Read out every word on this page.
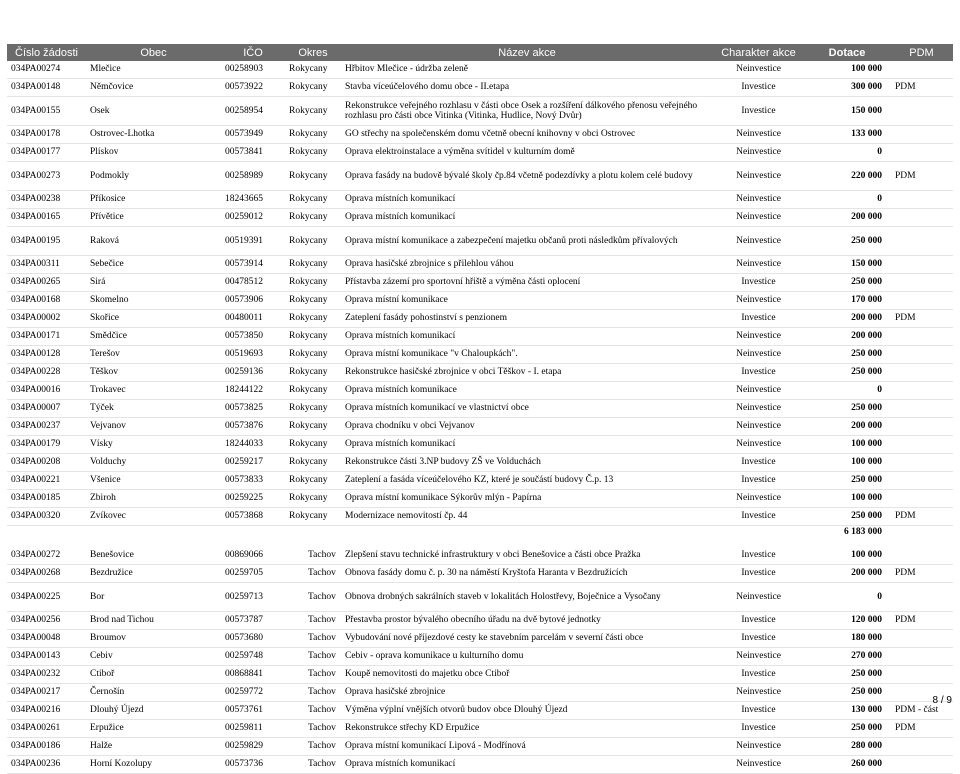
PSOV PK 2014 - PROJEKTY OBCÍ
Číslo žádosti	Obec	IČO	Okres	Název akce	Charakter akce	Dotace	PDM
034PA00274	Mlečice	00258903	Rokycany	Hřbitov Mlečice - údržba zeleně	Neinvestice	100 000	
034PA00148	Němčovice	00573922	Rokycany	Stavba víceúčelového domu obce - II.etapa	Investice	300 000	PDM
034PA00155	Osek	00258954	Rokycany	Rekonstrukce veřejného rozhlasu v části obce Osek a rozšíření dálkového přenosu veřejného rozhlasu pro části obce Vitinka (Vitinka, Hudlice, Nový Dvůr)	Investice	150 000	
034PA00178	Ostrovec-Lhotka	00573949	Rokycany	GO střechy na společenském domu včetně obecní knihovny v obci Ostrovec	Neinvestice	133 000	
034PA00177	Plískov	00573841	Rokycany	Oprava elektroinstalace a výměna svítidel v kulturním domě	Neinvestice	0	
034PA00273	Podmokly	00258989	Rokycany	Oprava fasády na budově bývalé školy čp.84 včetně podezdívky a plotu kolem celé budovy	Neinvestice	220 000	PDM
034PA00238	Příkosice	18243665	Rokycany	Oprava místních komunikací	Neinvestice	0	
034PA00165	Přívětice	00259012	Rokycany	Oprava místních komunikací	Neinvestice	200 000	
034PA00195	Raková	00519391	Rokycany	Oprava místní komunikace a zabezpečení majetku občanů proti následkům přívalových	Neinvestice	250 000	
034PA00311	Sebečice	00573914	Rokycany	Oprava hasičské zbrojnice s přilehlou váhou	Neinvestice	150 000	
034PA00265	Sirá	00478512	Rokycany	Přístavba zázemí pro sportovní hřiště a výměna části oplocení	Investice	250 000	
034PA00168	Skomelno	00573906	Rokycany	Oprava místní komunikace	Neinvestice	170 000	
034PA00002	Skořice	00480011	Rokycany	Zateplení fasády pohostinství s penzionem	Investice	200 000	PDM
034PA00171	Smědčice	00573850	Rokycany	Oprava místních komunikací	Neinvestice	200 000	
034PA00128	Terešov	00519693	Rokycany	Oprava místní komunikace "v Chaloupkách".	Neinvestice	250 000	
034PA00228	Těškov	00259136	Rokycany	Rekonstrukce hasičské zbrojnice v obci Těškov - I. etapa	Investice	250 000	
034PA00016	Trokavec	18244122	Rokycany	Oprava místních komunikace	Neinvestice	0	
034PA00007	Týček	00573825	Rokycany	Oprava místních komunikací ve vlastnictví obce	Neinvestice	250 000	
034PA00237	Vejvanov	00573876	Rokycany	Oprava chodníku v obci Vejvanov	Neinvestice	200 000	
034PA00179	Vísky	18244033	Rokycany	Oprava místních komunikací	Neinvestice	100 000	
034PA00208	Volduchy	00259217	Rokycany	Rekonstrukce části 3.NP budovy ZŠ ve Volduchách	Investice	100 000	
034PA00221	Všenice	00573833	Rokycany	Zateplení a fasáda víceúčelového KZ, které je součástí budovy Č.p. 13	Investice	250 000	
034PA00185	Zbiroh	00259225	Rokycany	Oprava místní komunikace Sýkorův mlýn - Papírna	Neinvestice	100 000	
034PA00320	Zvíkovec	00573868	Rokycany	Modernizace nemovitostí čp. 44	Investice	250 000	PDM
						6 183 000	

034PA00272	Benešovice	00869066	Tachov	Zlepšení stavu technické infrastruktury v obci Benešovice a části obce Pražka	Investice	100 000	
034PA00268	Bezdružice	00259705	Tachov	Obnova fasády domu č. p. 30 na náměstí Kryštofa Haranta v Bezdružicích	Investice	200 000	PDM
034PA00225	Bor	00259713	Tachov	Obnova drobných sakrálních staveb v lokalitách Holostřevy, Boječnice a Vysočany	Neinvestice	0	
034PA00256	Brod nad Tichou	00573787	Tachov	Přestavba prostor bývalého obecního úřadu na dvě bytové jednotky	Investice	120 000	PDM
034PA00048	Broumov	00573680	Tachov	Vybudování nové příjezdové cesty ke stavebním parcelám v severní části obce	Investice	180 000	
034PA00143	Cebiv	00259748	Tachov	Cebiv - oprava komunikace u kulturního domu	Neinvestice	270 000	
034PA00232	Ctiboř	00868841	Tachov	Koupě nemovitosti do majetku obce Ctiboř	Investice	250 000	
034PA00217	Černošín	00259772	Tachov	Oprava hasičské zbrojnice	Neinvestice	250 000	
034PA00216	Dlouhý Újezd	00573761	Tachov	Výměna výplní vnějších otvorů budov obce Dlouhý Újezd	Investice	130 000	PDM - část
034PA00261	Erpužice	00259811	Tachov	Rekonstrukce střechy KD Erpužice	Investice	250 000	PDM
034PA00186	Halže	00259829	Tachov	Oprava místní komunikací Lipová - Modřínová	Neinvestice	280 000	
034PA00236	Horní Kozolupy	00573736	Tachov	Oprava místních komunikací	Neinvestice	260 000	
8 / 9
